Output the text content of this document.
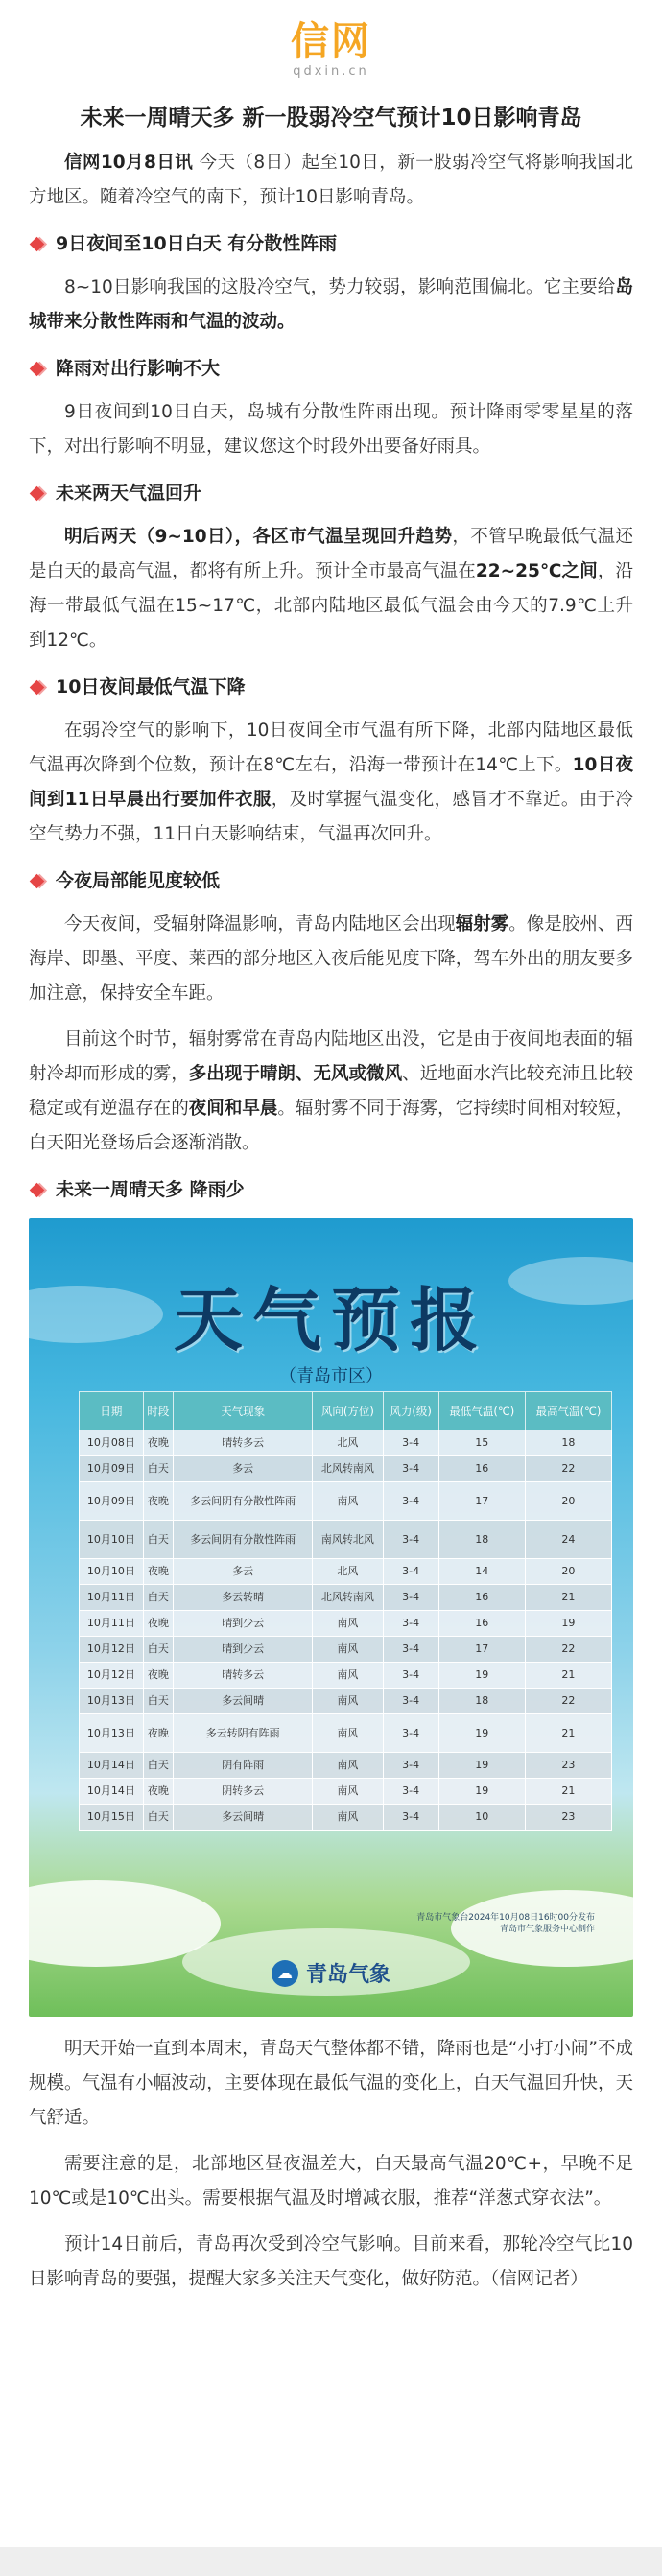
信网
qdxin.cn
未来一周晴天多 新一股弱冷空气预计10日影响青岛

信网10月8日讯 今天（8日）起至10日，新一股弱冷空气将影响我国北方地区。随着冷空气的南下，预计10日影响青岛。

9日夜间至10日白天 有分散性阵雨

8~10日影响我国的这股冷空气，势力较弱，影响范围偏北。它主要给岛城带来分散性阵雨和气温的波动。

降雨对出行影响不大

9日夜间到10日白天，岛城有分散性阵雨出现。预计降雨零零星星的落下，对出行影响不明显，建议您这个时段外出要备好雨具。

未来两天气温回升

明后两天（9~10日），各区市气温呈现回升趋势，不管早晚最低气温还是白天的最高气温，都将有所上升。预计全市最高气温在22~25℃之间，沿海一带最低气温在15~17℃，北部内陆地区最低气温会由今天的7.9℃上升到12℃。

10日夜间最低气温下降

在弱冷空气的影响下，10日夜间全市气温有所下降，北部内陆地区最低气温再次降到个位数，预计在8℃左右，沿海一带预计在14℃上下。10日夜间到11日早晨出行要加件衣服，及时掌握气温变化，感冒才不靠近。由于冷空气势力不强，11日白天影响结束，气温再次回升。

今夜局部能见度较低

今天夜间，受辐射降温影响，青岛内陆地区会出现辐射雾。像是胶州、西海岸、即墨、平度、莱西的部分地区入夜后能见度下降，驾车外出的朋友要多加注意，保持安全车距。

目前这个时节，辐射雾常在青岛内陆地区出没，它是由于夜间地表面的辐射冷却而形成的雾，多出现于晴朗、无风或微风、近地面水汽比较充沛且比较稳定或有逆温存在的夜间和早晨。辐射雾不同于海雾，它持续时间相对较短，白天阳光登场后会逐渐消散。

未来一周晴天多 降雨少
天气预报
（青岛市区）
日期	时段	天气现象	风向(方位)	风力(级)	最低气温(℃)	最高气温(℃)
10月08日	夜晚	晴转多云	北风	3-4	15	18
10月09日	白天	多云	北风转南风	3-4	16	22
10月09日	夜晚	多云间阴有分散性阵雨	南风	3-4	17	20
10月10日	白天	多云间阴有分散性阵雨	南风转北风	3-4	18	24
10月10日	夜晚	多云	北风	3-4	14	20
10月11日	白天	多云转晴	北风转南风	3-4	16	21
10月11日	夜晚	晴到少云	南风	3-4	16	19
10月12日	白天	晴到少云	南风	3-4	17	22
10月12日	夜晚	晴转多云	南风	3-4	19	21
10月13日	白天	多云间晴	南风	3-4	18	22
10月13日	夜晚	多云转阴有阵雨	南风	3-4	19	21
10月14日	白天	阴有阵雨	南风	3-4	19	23
10月14日	夜晚	阴转多云	南风	3-4	19	21
10月15日	白天	多云间晴	南风	3-4	10	23
青岛市气象台2024年10月08日16时00分发布
青岛市气象服务中心制作
☁ 青岛气象

明天开始一直到本周末，青岛天气整体都不错，降雨也是“小打小闹”不成规模。气温有小幅波动，主要体现在最低气温的变化上，白天气温回升快，天气舒适。

需要注意的是，北部地区昼夜温差大，白天最高气温20℃+，早晚不足10℃或是10℃出头。需要根据气温及时增减衣服，推荐“洋葱式穿衣法”。

预计14日前后，青岛再次受到冷空气影响。目前来看，那轮冷空气比10日影响青岛的要强，提醒大家多关注天气变化，做好防范。（信网记者）
